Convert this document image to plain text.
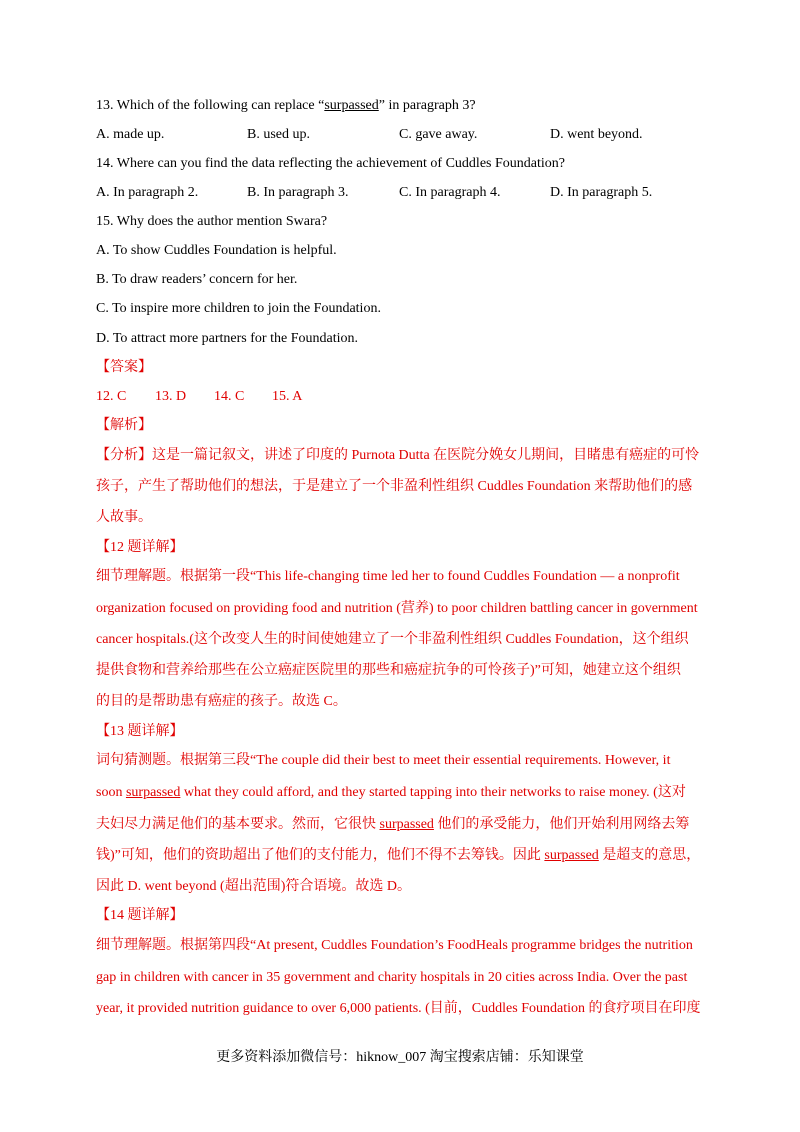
13. Which of the following can replace “surpassed” in paragraph 3?
A. made up.	B. used up.	C. gave away.	D. went beyond.
14. Where can you find the data reflecting the achievement of Cuddles Foundation?
A. In paragraph 2.	B. In paragraph 3.	C. In paragraph 4.	D. In paragraph 5.
15. Why does the author mention Swara?
A. To show Cuddles Foundation is helpful.
B. To draw readers’ concern for her.
C. To inspire more children to join the Foundation.
D. To attract more partners for the Foundation.
【答案】
12. C 13. D 14. C 15. A
【解析】
【分析】这是一篇记叙文，讲述了印度的 Purnota Dutta 在医院分娩女儿期间，目睹患有癌症的可怜
孩子，产生了帮助他们的想法，于是建立了一个非盈利性组织 Cuddles Foundation 来帮助他们的感
人故事。
【12 题详解】
细节理解题。根据第一段“This life-changing time led her to found Cuddles Foundation — a nonprofit
organization focused on providing food and nutrition (营养) to poor children battling cancer in government
cancer hospitals.(这个改变人生的时间使她建立了一个非盈利性组织 Cuddles Foundation，这个组织
提供食物和营养给那些在公立癌症医院里的那些和癌症抗争的可怜孩子)”可知，她建立这个组织
的目的是帮助患有癌症的孩子。故选 C。
【13 题详解】
词句猜测题。根据第三段“The couple did their best to meet their essential requirements. However, it
soon surpassed what they could afford, and they started tapping into their networks to raise money. (这对
夫妇尽力满足他们的基本要求。然而，它很快 surpassed 他们的承受能力，他们开始利用网络去筹
钱)”可知，他们的资助超出了他们的支付能力，他们不得不去筹钱。因此 surpassed 是超支的意思，
因此 D. went beyond (超出范围)符合语境。故选 D。
【14 题详解】
细节理解题。根据第四段“At present, Cuddles Foundation’s FoodHeals programme bridges the nutrition
gap in children with cancer in 35 government and charity hospitals in 20 cities across India. Over the past
year, it provided nutrition guidance to over 6,000 patients. (目前，Cuddles Foundation 的食疗项目在印度
更多资料添加微信号：hiknow_007 淘宝搜索店铺：乐知课堂
